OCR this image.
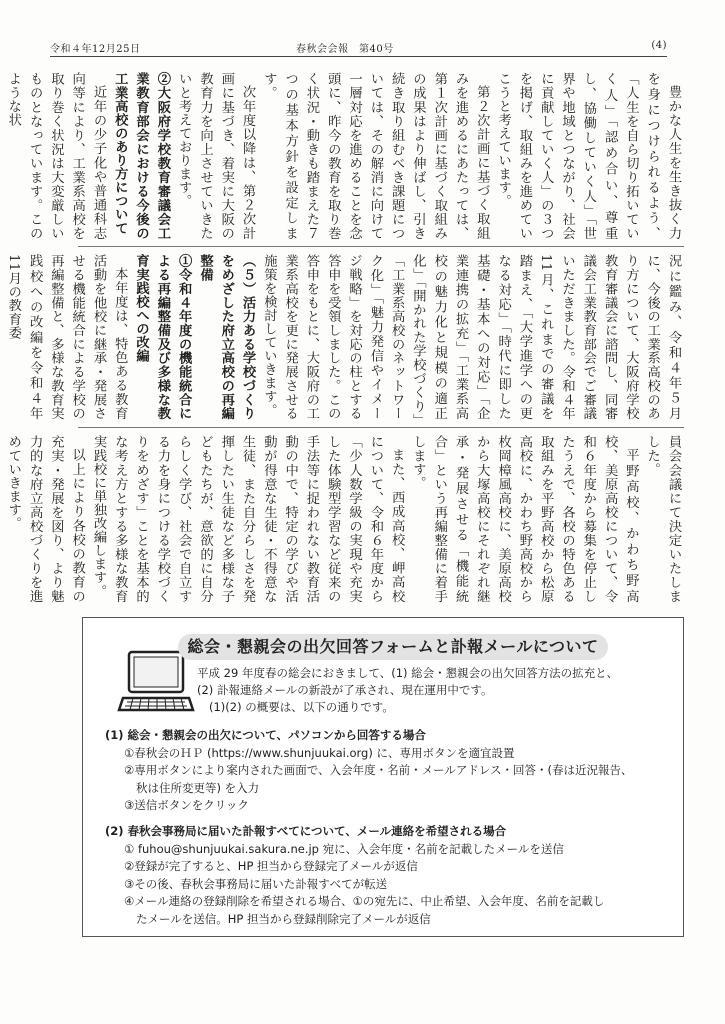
令和４年12月25日	春秋会会報　第40号	(4)

豊かな人生を生き抜く力を身につけられるよう、「人生を自ら切り拓いていく人」「認め合い、尊重し、協働していく人」「世界や地域とつながり、社会に貢献していく人」の３つを掲げ、取組みを進めていこうと考えています。

第２次計画に基づく取組みを進めるにあたっては、第１次計画に基づく取組みの成果はより伸ばし、引き続き取り組むべき課題については、その解消に向けて一層対応を進めることを念頭に、昨今の教育を取り巻く状況・動きも踏まえた７つの基本方針を設定します。

次年度以降は、第２次計画に基づき、着実に大阪の教育力を向上させていきたいと考えております。

②大阪府学校教育審議会工業教育部会における今後の工業高校のあり方について

近年の少子化や普通科志向等により、工業系高校を取り巻く状況は大変厳しいものとなっています。このような状

況に鑑み、令和４年５月に、今後の工業系高校のあり方について、大阪府学校教育審議会に諮問し、同審議会工業教育部会でご審議いただきました。令和４年11月、これまでの審議を踏まえ、「大学進学への更なる対応」「時代に即した基礎・基本への対応」「企業連携の拡充」「工業系高校の魅力化と規模の適正化」「開かれた学校づくり」「工業系高校のネットワーク化」「魅力発信やイメージ戦略」を対応の柱とする答申を受領しました。この答申をもとに、大阪府の工業系高校を更に発展させる施策を検討していきます。

（５）活力ある学校づくりをめざした府立高校の再編整備

①令和４年度の機能統合による再編整備及び多様な教育実践校への改編

本年度は、特色ある教育活動を他校に継承・発展させる機能統合による学校の再編整備と、多様な教育実践校への改編を令和４年11月の教育委

員会会議にて決定いたしました。

平野高校、かわち野高校、美原高校について、令和６年度から募集を停止したうえで、各校の特色ある取組みを平野高校から松原高校に、かわち野高校から枚岡樟風高校に、美原高校から大塚高校にそれぞれ継承・発展させる「機能統合」という再編整備に着手します。

また、西成高校、岬高校について、令和６年度から「少人数学級の実現や充実した体験型学習など従来の手法等に捉われない教育活動の中で、特定の学びや活動が得意な生徒・不得意な生徒、また自分らしさを発揮したい生徒など多様な子どもたちが、意欲的に自分らしく学び、社会で自立する力を身につける学校づくりをめざす」ことを基本的な考え方とする多様な教育実践校に単独改編します。

以上により各校の教育の充実・発展を図り、より魅力的な府立高校づくりを進めていきます。

総会・懇親会の出欠回答フォームと訃報メールについて
平成 29 年度春の総会におきまして、(1) 総会・懇親会の出欠回答方法の拡充と、
(2) 訃報連絡メールの新設が了承され、現在運用中です。
(1)(2) の概要は、以下の通りです。
(1) 総会・懇親会の出欠について、パソコンから回答する場合
①春秋会のＨＰ (https://www.shunjuukai.org) に、専用ボタンを適宜設置
②専用ボタンにより案内された画面で、入会年度・名前・メールアドレス・回答・(春は近況報告、
秋は住所変更等) を入力
③送信ボタンをクリック
(2) 春秋会事務局に届いた訃報すべてについて、メール連絡を希望される場合
① fuhou@shunjuukai.sakura.ne.jp 宛に、入会年度・名前を記載したメールを送信
②登録が完了すると、HP 担当から登録完了メールが返信
③その後、春秋会事務局に届いた訃報すべてが転送
④メール連絡の登録削除を希望される場合、①の宛先に、中止希望、入会年度、名前を記載し
たメールを送信。HP 担当から登録削除完了メールが返信
